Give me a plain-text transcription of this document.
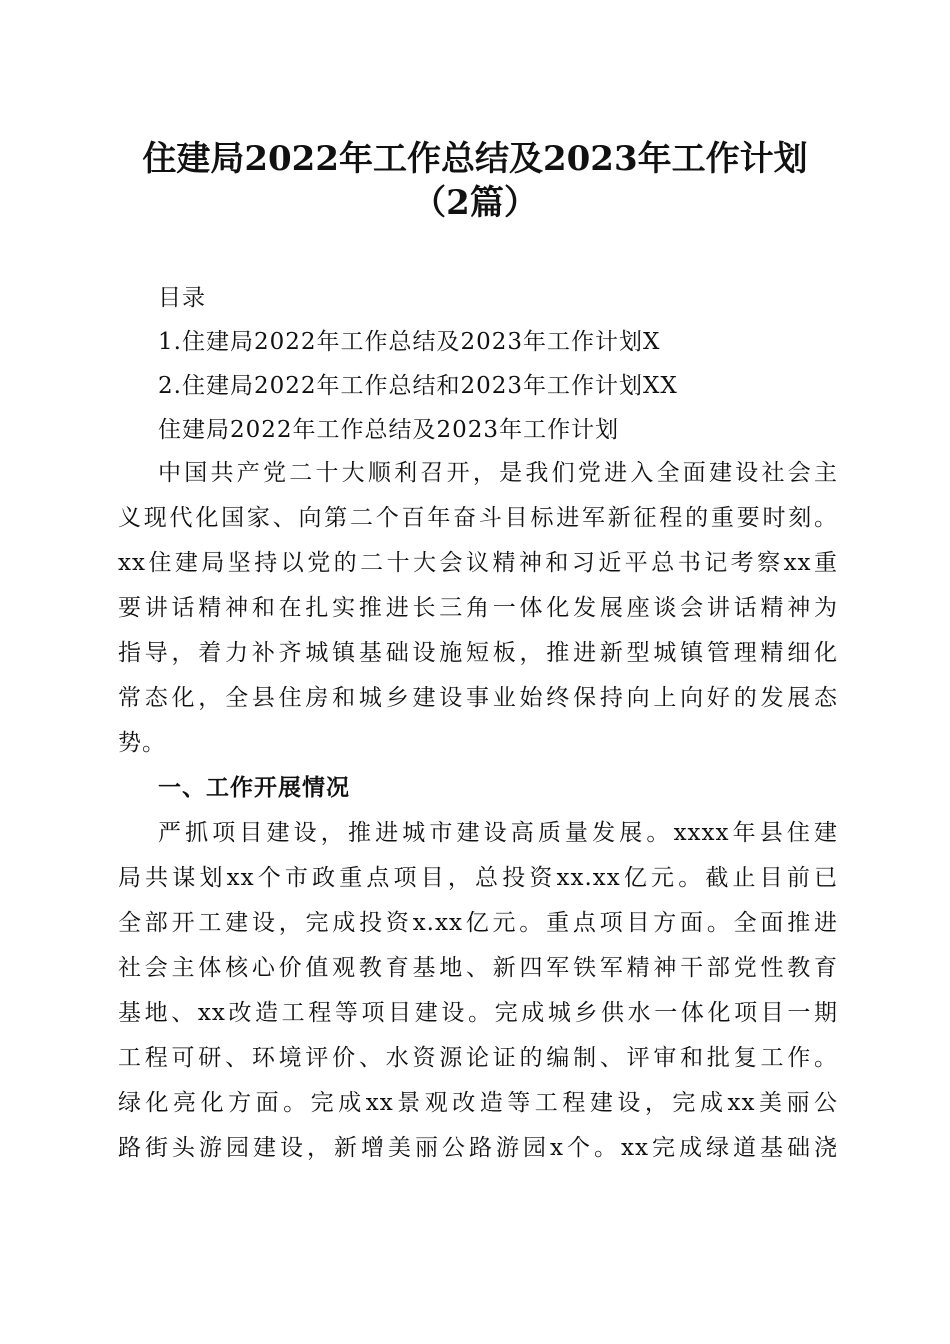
住建局2022年工作总结及2023年工作计划
（2篇）
目录
1.住建局2022年工作总结及2023年工作计划X
2.住建局2022年工作总结和2023年工作计划XX
住建局2022年工作总结及2023年工作计划
中国共产党二十大顺利召开，是我们党进入全面建设社会主
义现代化国家、向第二个百年奋斗目标进军新征程的重要时刻。
xx住建局坚持以党的二十大会议精神和习近平总书记考察xx重
要讲话精神和在扎实推进长三角一体化发展座谈会讲话精神为
指导，着力补齐城镇基础设施短板，推进新型城镇管理精细化
常态化，全县住房和城乡建设事业始终保持向上向好的发展态
势。
一、工作开展情况
严抓项目建设，推进城市建设高质量发展。xxxx年县住建
局共谋划xx个市政重点项目，总投资xx.xx亿元。截止目前已
全部开工建设，完成投资x.xx亿元。重点项目方面。全面推进
社会主体核心价值观教育基地、新四军铁军精神干部党性教育
基地、xx改造工程等项目建设。完成城乡供水一体化项目一期
工程可研、环境评价、水资源论证的编制、评审和批复工作。
绿化亮化方面。完成xx景观改造等工程建设，完成xx美丽公
路街头游园建设，新增美丽公路游园x个。xx完成绿道基础浇
